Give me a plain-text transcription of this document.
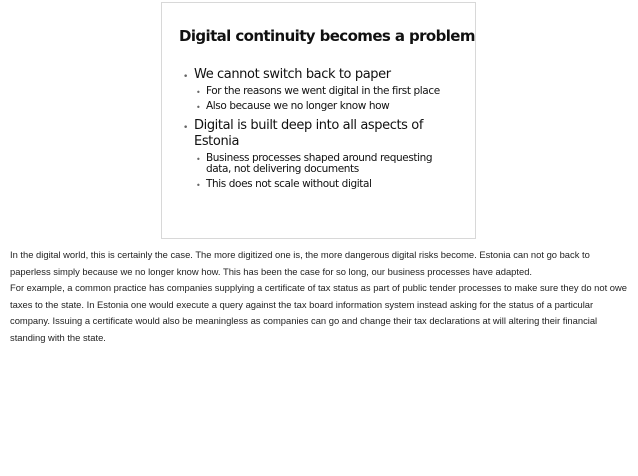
Digital continuity becomes a problem
• We cannot switch back to paper
• For the reasons we went digital in the first place
• Also because we no longer know how
• Digital is built deep into all aspects of Estonia
• Business processes shaped around requesting data, not delivering documents
• This does not scale without digital

In the digital world, this is certainly the case. The more digitized one is, the more dangerous digital risks become. Estonia can not go back to paperless simply because we no longer know how. This has been the case for so long, our business processes have adapted.

For example, a common practice has companies supplying a certificate of tax status as part of public tender processes to make sure they do not owe taxes to the state. In Estonia one would execute a query against the tax board information system instead asking for the status of a particular company. Issuing a certificate would also be meaningless as companies can go and change their tax declarations at will altering their financial standing with the state.
